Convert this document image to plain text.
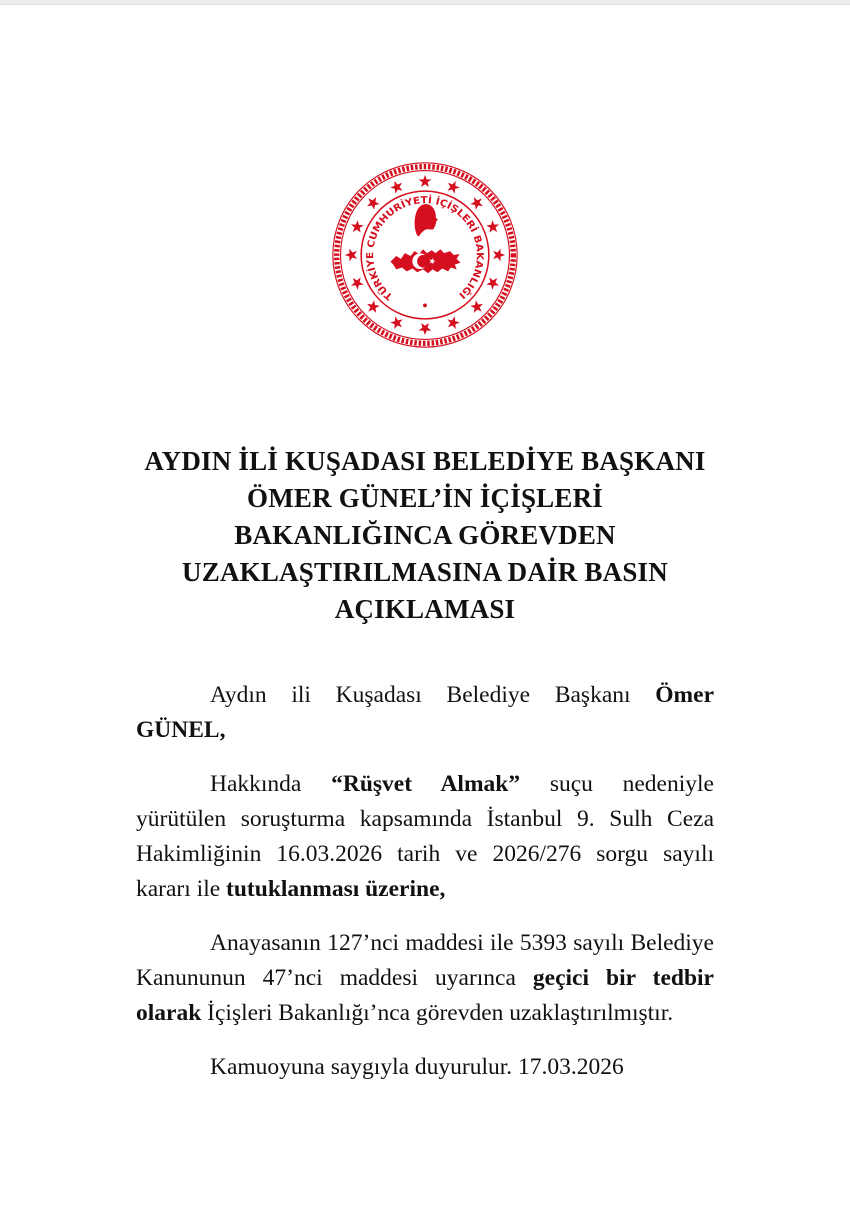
TÜRKİYE CUMHURİYETİ İÇİŞLERİ BAKANLIĞI
AYDIN İLİ KUŞADASI BELEDİYE BAŞKANI
ÖMER GÜNEL’İN İÇİŞLERİ
BAKANLIĞINCA GÖREVDEN
UZAKLAŞTIRILMASINA DAİR BASIN
AÇIKLAMASI

Aydın ili Kuşadası Belediye Başkanı Ömer GÜNEL,

Hakkında “Rüşvet Almak” suçu nedeniyle yürütülen soruşturma kapsamında İstanbul 9. Sulh Ceza Hakimliğinin 16.03.2026 tarih ve 2026/276 sorgu sayılı kararı ile tutuklanması üzerine,

Anayasanın 127’nci maddesi ile 5393 sayılı Belediye Kanununun 47’nci maddesi uyarınca geçici bir tedbir olarak İçişleri Bakanlığı’nca görevden uzaklaştırılmıştır.

Kamuoyuna saygıyla duyurulur. 17.03.2026
